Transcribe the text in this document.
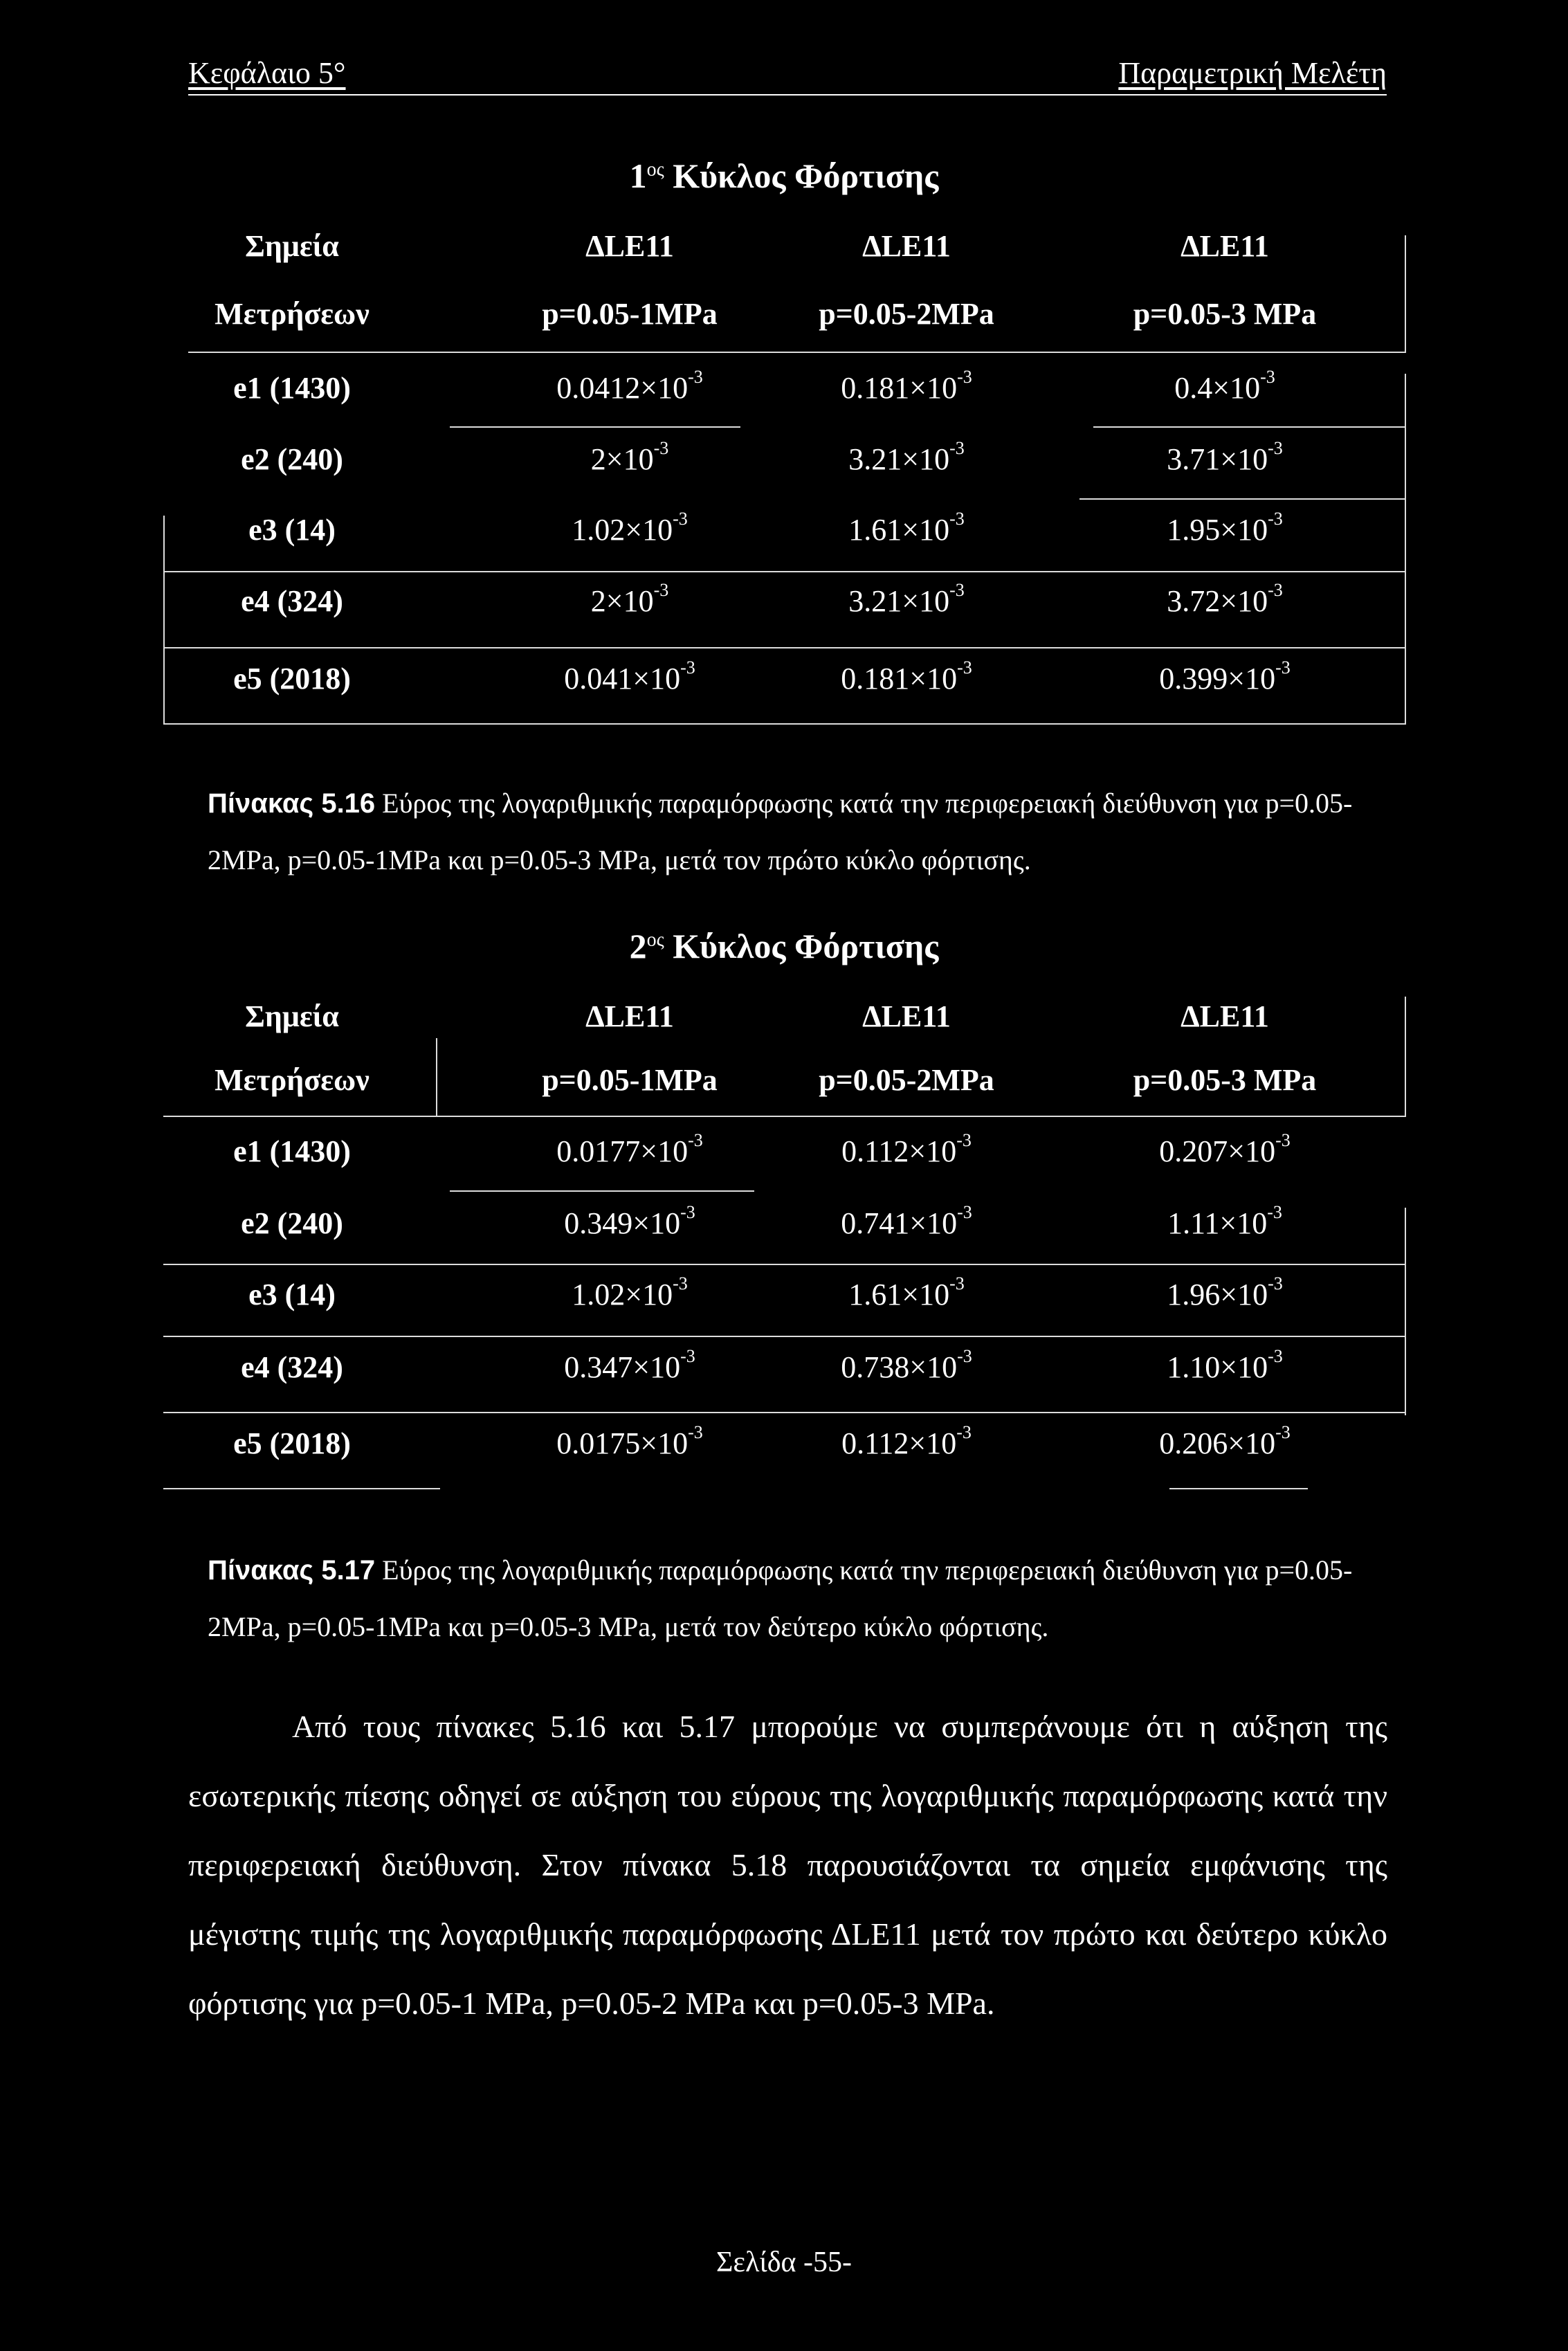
Κεφάλαιο 5°	Παραμετρική Μελέτη
$1^{o\varsigma}$ Κύκλος Φόρτισης
Σημεία	ΔLE11	ΔLE11	ΔLE11
Μετρήσεων	p=0.05-1MPa	p=0.05-2MPa	p=0.05-3 MPa
e1 (1430)	$0.0412\times 10^{-3}$	$0.181\times 10^{-3}$	$0.4\times 10^{-3}$
e2 (240)	$2\times 10^{-3}$	$3.21\times 10^{-3}$	$3.71\times 10^{-3}$
e3 (14)	$1.02\times 10^{-3}$	$1.61\times 10^{-3}$	$1.95\times 10^{-3}$
e4 (324)	$2\times 10^{-3}$	$3.21\times 10^{-3}$	$3.72\times 10^{-3}$
e5 (2018)	$0.041\times 10^{-3}$	$0.181\times 10^{-3}$	$0.399\times 10^{-3}$
Πίνακας 5.16 Εύρος της λογαριθμικής παραμόρφωσης κατά την περιφερειακή διεύθυνση για p=0.05-2MPa, p=0.05-1MPa και p=0.05-3 MPa, μετά τον πρώτο κύκλο φόρτισης.
$2^{o\varsigma}$ Κύκλος Φόρτισης
Σημεία	ΔLE11	ΔLE11	ΔLE11
Μετρήσεων	p=0.05-1MPa	p=0.05-2MPa	p=0.05-3 MPa
e1 (1430)	$0.0177\times 10^{-3}$	$0.112\times 10^{-3}$	$0.207\times 10^{-3}$
e2 (240)	$0.349\times 10^{-3}$	$0.741\times 10^{-3}$	$1.11\times 10^{-3}$
e3 (14)	$1.02\times 10^{-3}$	$1.61\times 10^{-3}$	$1.96\times 10^{-3}$
e4 (324)	$0.347\times 10^{-3}$	$0.738\times 10^{-3}$	$1.10\times 10^{-3}$
e5 (2018)	$0.0175\times 10^{-3}$	$0.112\times 10^{-3}$	$0.206\times 10^{-3}$
Πίνακας 5.17 Εύρος της λογαριθμικής παραμόρφωσης κατά την περιφερειακή διεύθυνση για p=0.05-2MPa, p=0.05-1MPa και p=0.05-3 MPa, μετά τον δεύτερο κύκλο φόρτισης.
Από τους πίνακες 5.16 και 5.17 μπορούμε να συμπεράνουμε ότι η αύξηση της εσωτερικής πίεσης οδηγεί σε αύξηση του εύρους της λογαριθμικής παραμόρφωσης κατά την περιφερειακή διεύθυνση. Στον πίνακα 5.18 παρουσιάζονται τα σημεία εμφάνισης της μέγιστης τιμής της λογαριθμικής παραμόρφωσης ΔLE11 μετά τον πρώτο και δεύτερο κύκλο φόρτισης για p=0.05-1 MPa, p=0.05-2 MPa και p=0.05-3 MPa.
Σελίδα -55-
